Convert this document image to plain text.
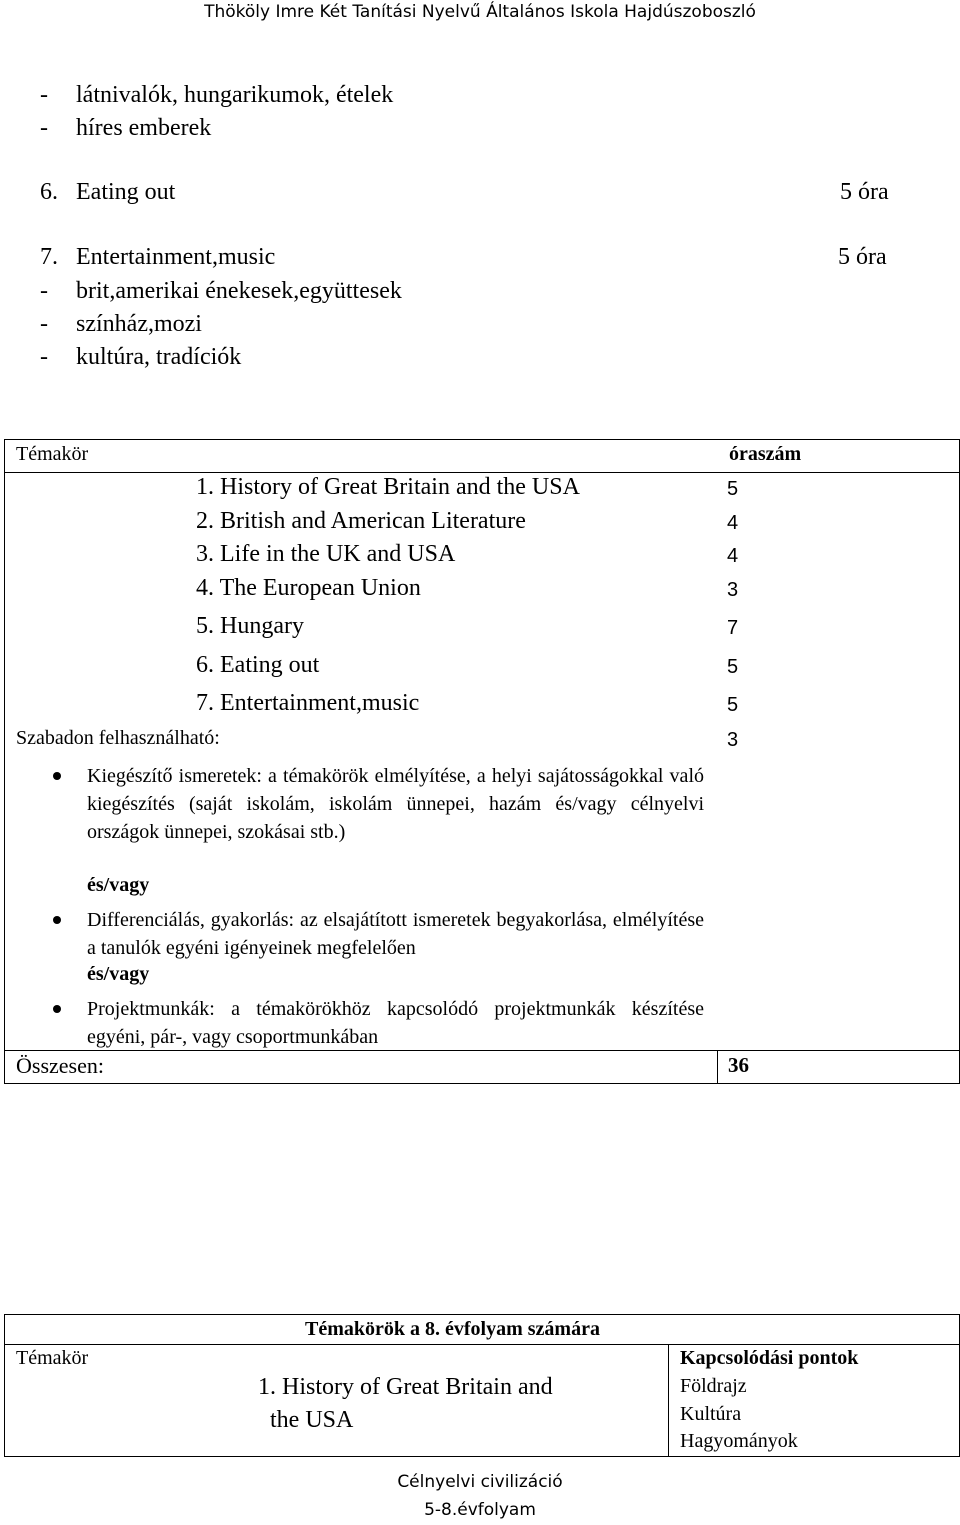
Thököly Imre Két Tanítási Nyelvű Általános Iskola Hajdúszoboszló
- látnivalók, hungarikumok, ételek
- híres emberek
6. Eating out	5 óra
7. Entertainment,music	5 óra
- brit,amerikai énekesek,együttesek
- színház,mozi
- kultúra, tradíciók
Témakör	óraszám
1. History of Great Britain and the USA	5
2. British and American Literature	4
3. Life in the UK and USA	4
4. The European Union	3
5. Hungary	7
6. Eating out	5
7. Entertainment,music	5
Szabadon felhasználható:	3
Kiegészítő ismeretek: a témakörök elmélyítése, a helyi sajátosságokkal való kiegészítés (saját iskolám, iskolám ünnepei, hazám és/vagy célnyelvi országok ünnepei, szokásai stb.)
és/vagy
Differenciálás, gyakorlás: az elsajátított ismeretek begyakorlása, elmélyítése a tanulók egyéni igényeinek megfelelően
és/vagy
Projektmunkák: a témakörökhöz kapcsolódó projektmunkák készítése egyéni, pár-, vagy csoportmunkában
Összesen:	36
Témakörök a 8. évfolyam számára
Témakör	Kapcsolódási pontok
1. History of Great Britain and
the USA
Földrajz
Kultúra
Hagyományok
Célnyelvi civilizáció
5-8.évfolyam
